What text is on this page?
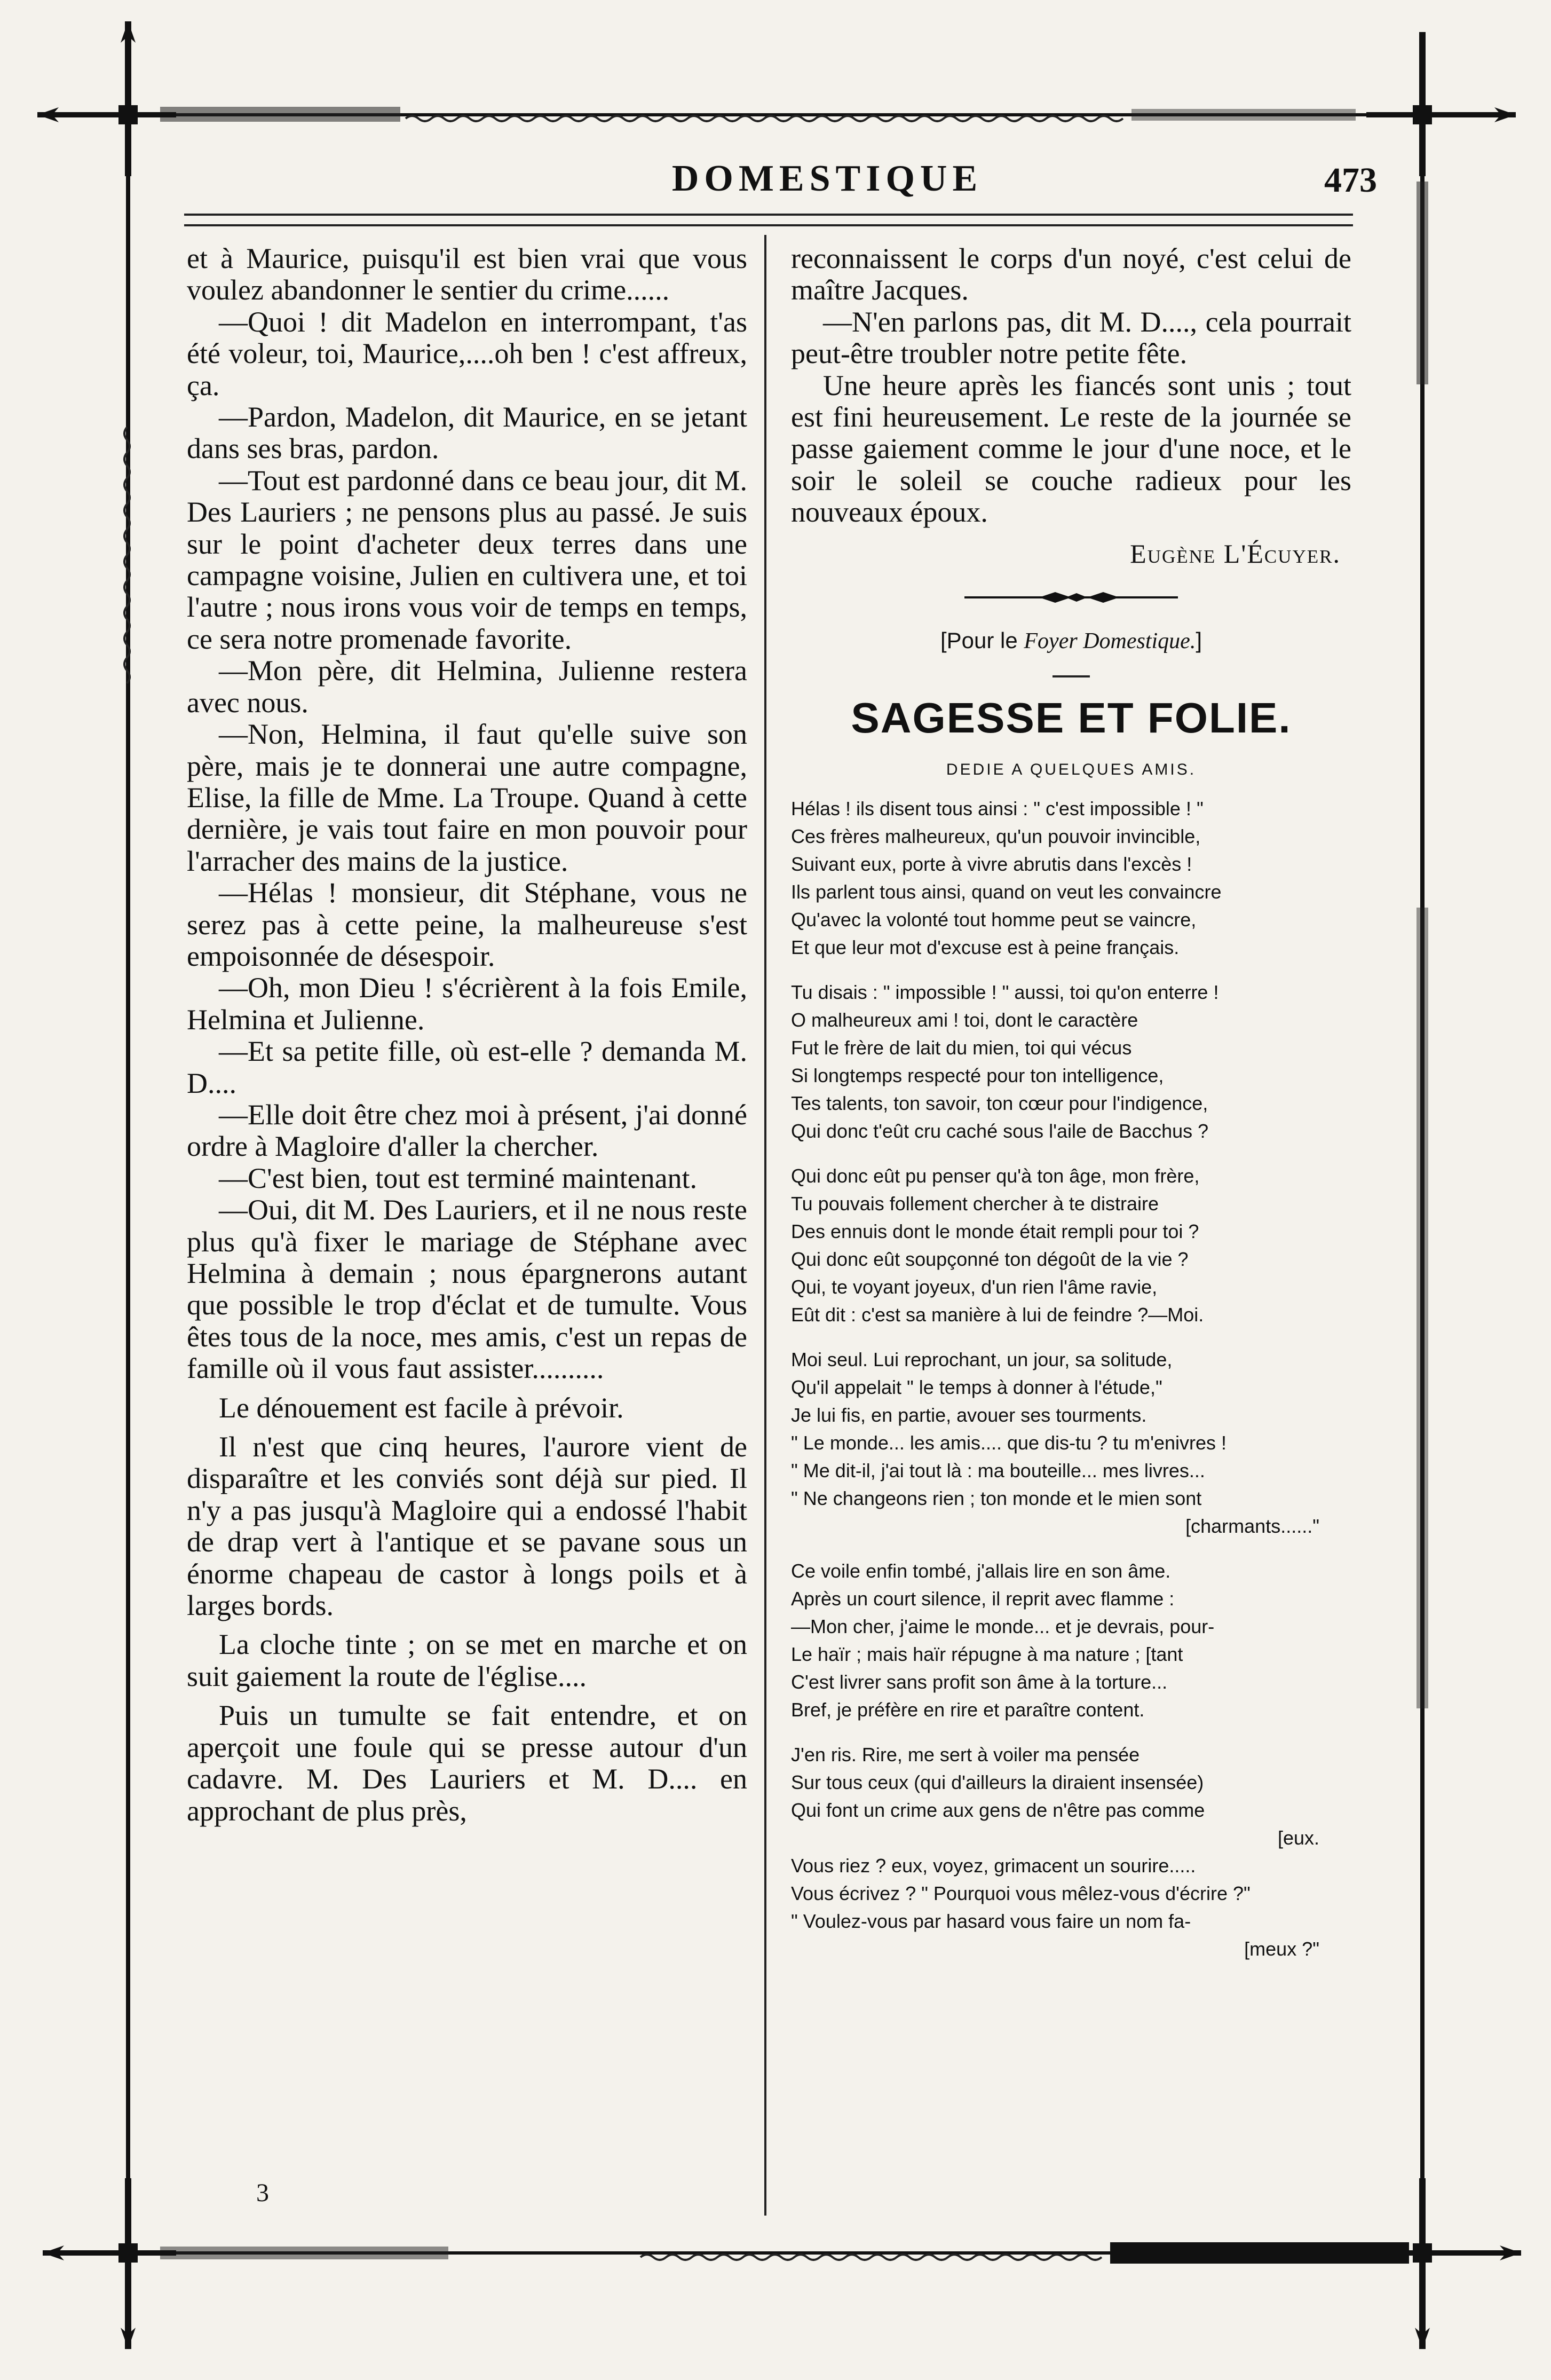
DOMESTIQUE	473

et à Maurice, puisqu'il est bien vrai que vous voulez abandonner le sentier du crime......

—Quoi ! dit Madelon en interrompant, t'as été voleur, toi, Maurice,....oh ben ! c'est affreux, ça.

—Pardon, Madelon, dit Maurice, en se jetant dans ses bras, pardon.

—Tout est pardonné dans ce beau jour, dit M. Des Lauriers ; ne pensons plus au passé. Je suis sur le point d'acheter deux terres dans une campagne voisine, Julien en cultivera une, et toi l'autre ; nous irons vous voir de temps en temps, ce sera notre promenade favorite.

—Mon père, dit Helmina, Julienne restera avec nous.

—Non, Helmina, il faut qu'elle suive son père, mais je te donnerai une autre compagne, Elise, la fille de Mme. La Troupe. Quand à cette dernière, je vais tout faire en mon pouvoir pour l'arracher des mains de la justice.

—Hélas ! monsieur, dit Stéphane, vous ne serez pas à cette peine, la malheureuse s'est empoisonnée de désespoir.

—Oh, mon Dieu ! s'écrièrent à la fois Emile, Helmina et Julienne.

—Et sa petite fille, où est-elle ? demanda M. D....

—Elle doit être chez moi à présent, j'ai donné ordre à Magloire d'aller la chercher.

—C'est bien, tout est terminé maintenant.

—Oui, dit M. Des Lauriers, et il ne nous reste plus qu'à fixer le mariage de Stéphane avec Helmina à demain ; nous épargnerons autant que possible le trop d'éclat et de tumulte. Vous êtes tous de la noce, mes amis, c'est un repas de famille où il vous faut assister..........

Le dénouement est facile à prévoir.

Il n'est que cinq heures, l'aurore vient de disparaître et les conviés sont déjà sur pied. Il n'y a pas jusqu'à Magloire qui a endossé l'habit de drap vert à l'antique et se pavane sous un énorme chapeau de castor à longs poils et à larges bords.

La cloche tinte ; on se met en marche et on suit gaiement la route de l'église....

Puis un tumulte se fait entendre, et on aperçoit une foule qui se presse autour d'un cadavre. M. Des Lauriers et M. D.... en approchant de plus près,

3

reconnaissent le corps d'un noyé, c'est celui de maître Jacques.

—N'en parlons pas, dit M. D...., cela pourrait peut-être troubler notre petite fête.

Une heure après les fiancés sont unis ; tout est fini heureusement. Le reste de la journée se passe gaiement comme le jour d'une noce, et le soir le soleil se couche radieux pour les nouveaux époux.

Eugène L'Écuyer.
[Pour le Foyer Domestique.]
SAGESSE ET FOLIE.
DEDIE A QUELQUES AMIS.
Hélas ! ils disent tous ainsi : " c'est impossible ! "
Ces frères malheureux, qu'un pouvoir invincible,
Suivant eux, porte à vivre abrutis dans l'excès !
Ils parlent tous ainsi, quand on veut les convaincre
Qu'avec la volonté tout homme peut se vaincre,
Et que leur mot d'excuse est à peine français.
Tu disais : " impossible ! " aussi, toi qu'on enterre !
O malheureux ami ! toi, dont le caractère
Fut le frère de lait du mien, toi qui vécus
Si longtemps respecté pour ton intelligence,
Tes talents, ton savoir, ton cœur pour l'indigence,
Qui donc t'eût cru caché sous l'aile de Bacchus ?
Qui donc eût pu penser qu'à ton âge, mon frère,
Tu pouvais follement chercher à te distraire
Des ennuis dont le monde était rempli pour toi ?
Qui donc eût soupçonné ton dégoût de la vie ?
Qui, te voyant joyeux, d'un rien l'âme ravie,
Eût dit : c'est sa manière à lui de feindre ?—Moi.
Moi seul. Lui reprochant, un jour, sa solitude,
Qu'il appelait " le temps à donner à l'étude,"
Je lui fis, en partie, avouer ses tourments.
" Le monde... les amis.... que dis-tu ? tu m'enivres !
" Me dit-il, j'ai tout là : ma bouteille... mes livres...
" Ne changeons rien ; ton monde et le mien sont
[charmants......"
Ce voile enfin tombé, j'allais lire en son âme.
Après un court silence, il reprit avec flamme :
—Mon cher, j'aime le monde... et je devrais, pour-
Le haïr ; mais haïr répugne à ma nature ; [tant
C'est livrer sans profit son âme à la torture...
Bref, je préfère en rire et paraître content.
J'en ris. Rire, me sert à voiler ma pensée
Sur tous ceux (qui d'ailleurs la diraient insensée)
Qui font un crime aux gens de n'être pas comme
[eux.
Vous riez ? eux, voyez, grimacent un sourire.....
Vous écrivez ? " Pourquoi vous mêlez-vous d'écrire ?"
" Voulez-vous par hasard vous faire un nom fa-
[meux ?"
